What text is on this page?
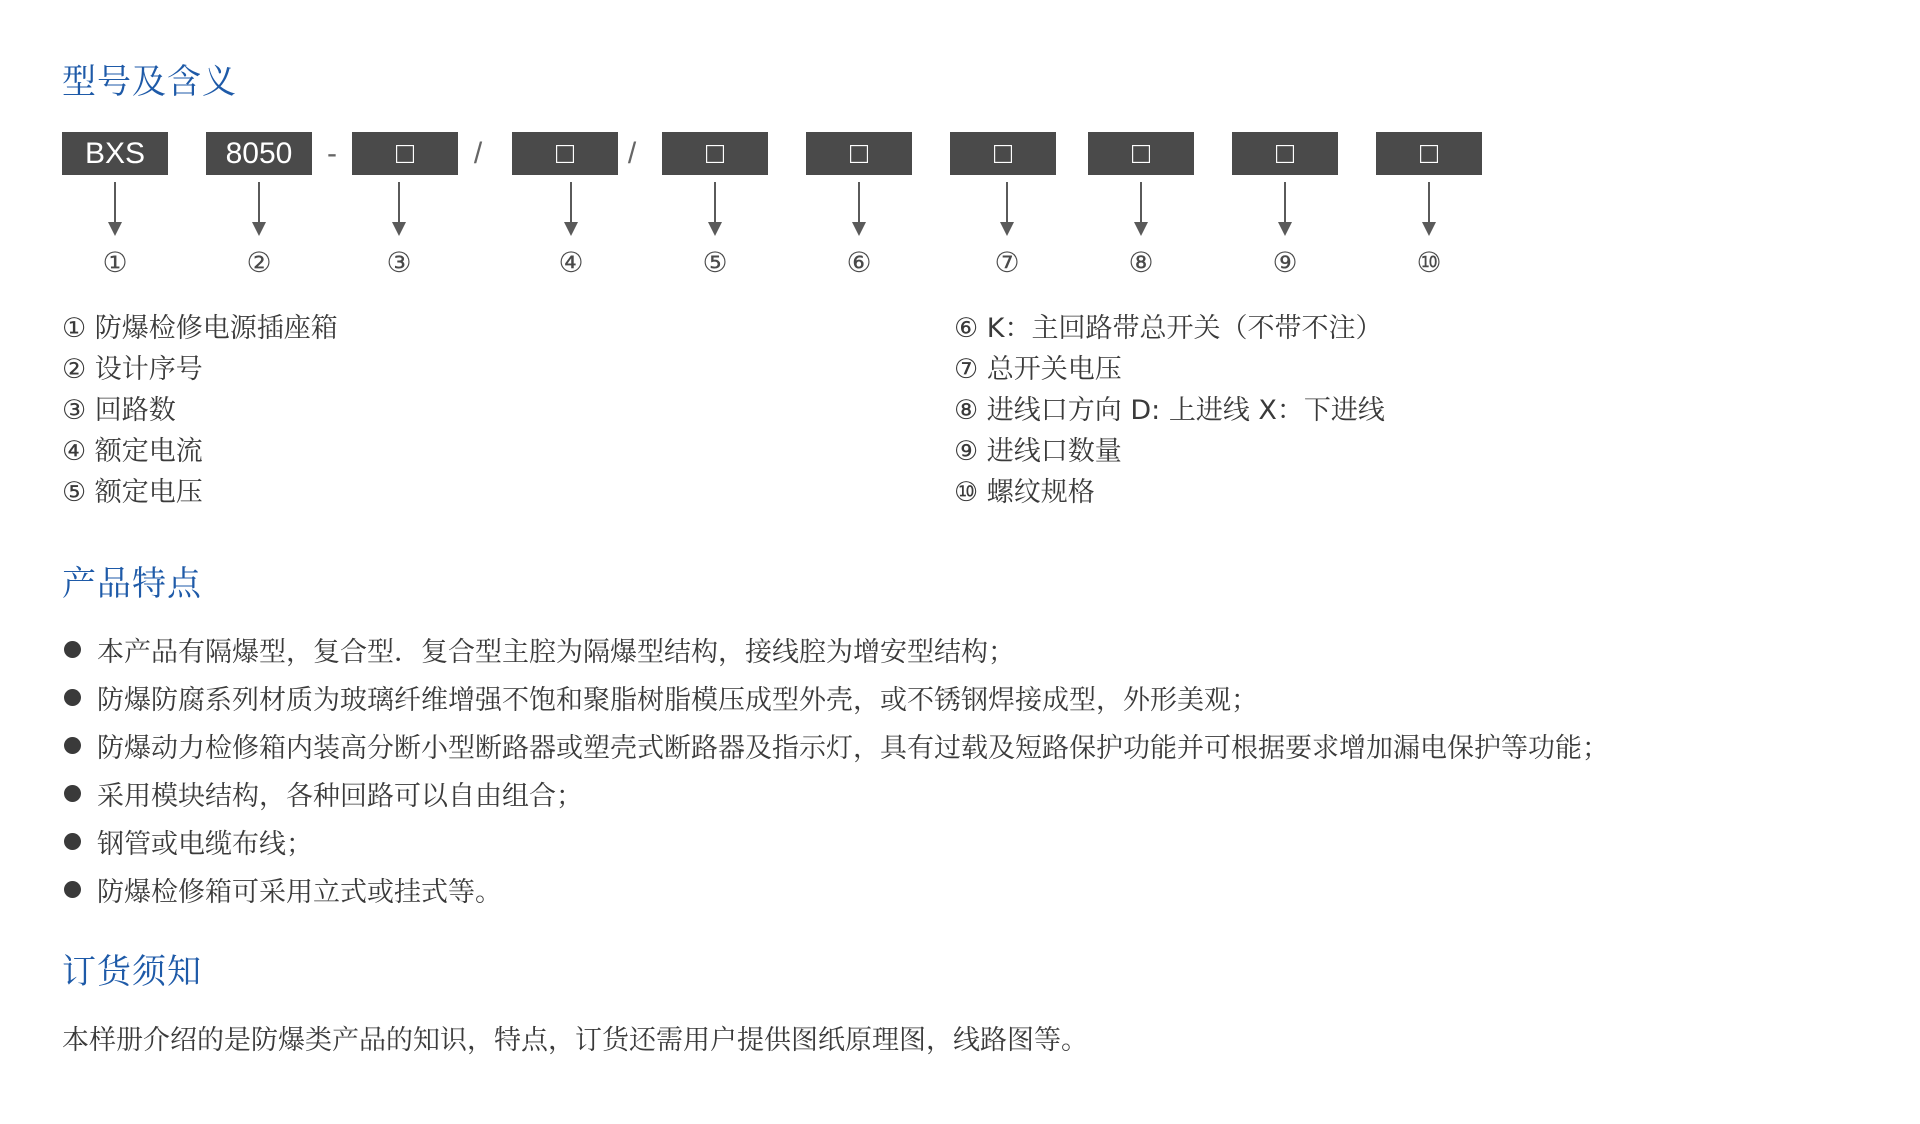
型号及含义
BXS	8050	-	□	/	□	/	□	□	□	□	□	□
①	②	③	④	⑤	⑥	⑦	⑧	⑨	⑩
① 防爆检修电源插座箱
② 设计序号
③ 回路数
④ 额定电流
⑤ 额定电压
⑥ K：主回路带总开关（不带不注）
⑦ 总开关电压
⑧ 进线口方向 D: 上进线 X：下进线
⑨ 进线口数量
⑩ 螺纹规格
产品特点
本产品有隔爆型，复合型．复合型主腔为隔爆型结构，接线腔为增安型结构；
防爆防腐系列材质为玻璃纤维增强不饱和聚脂树脂模压成型外壳，或不锈钢焊接成型，外形美观；
防爆动力检修箱内装高分断小型断路器或塑壳式断路器及指示灯，具有过载及短路保护功能并可根据要求增加漏电保护等功能；
采用模块结构，各种回路可以自由组合；
钢管或电缆布线；
防爆检修箱可采用立式或挂式等。
订货须知
本样册介绍的是防爆类产品的知识，特点，订货还需用户提供图纸原理图，线路图等。
